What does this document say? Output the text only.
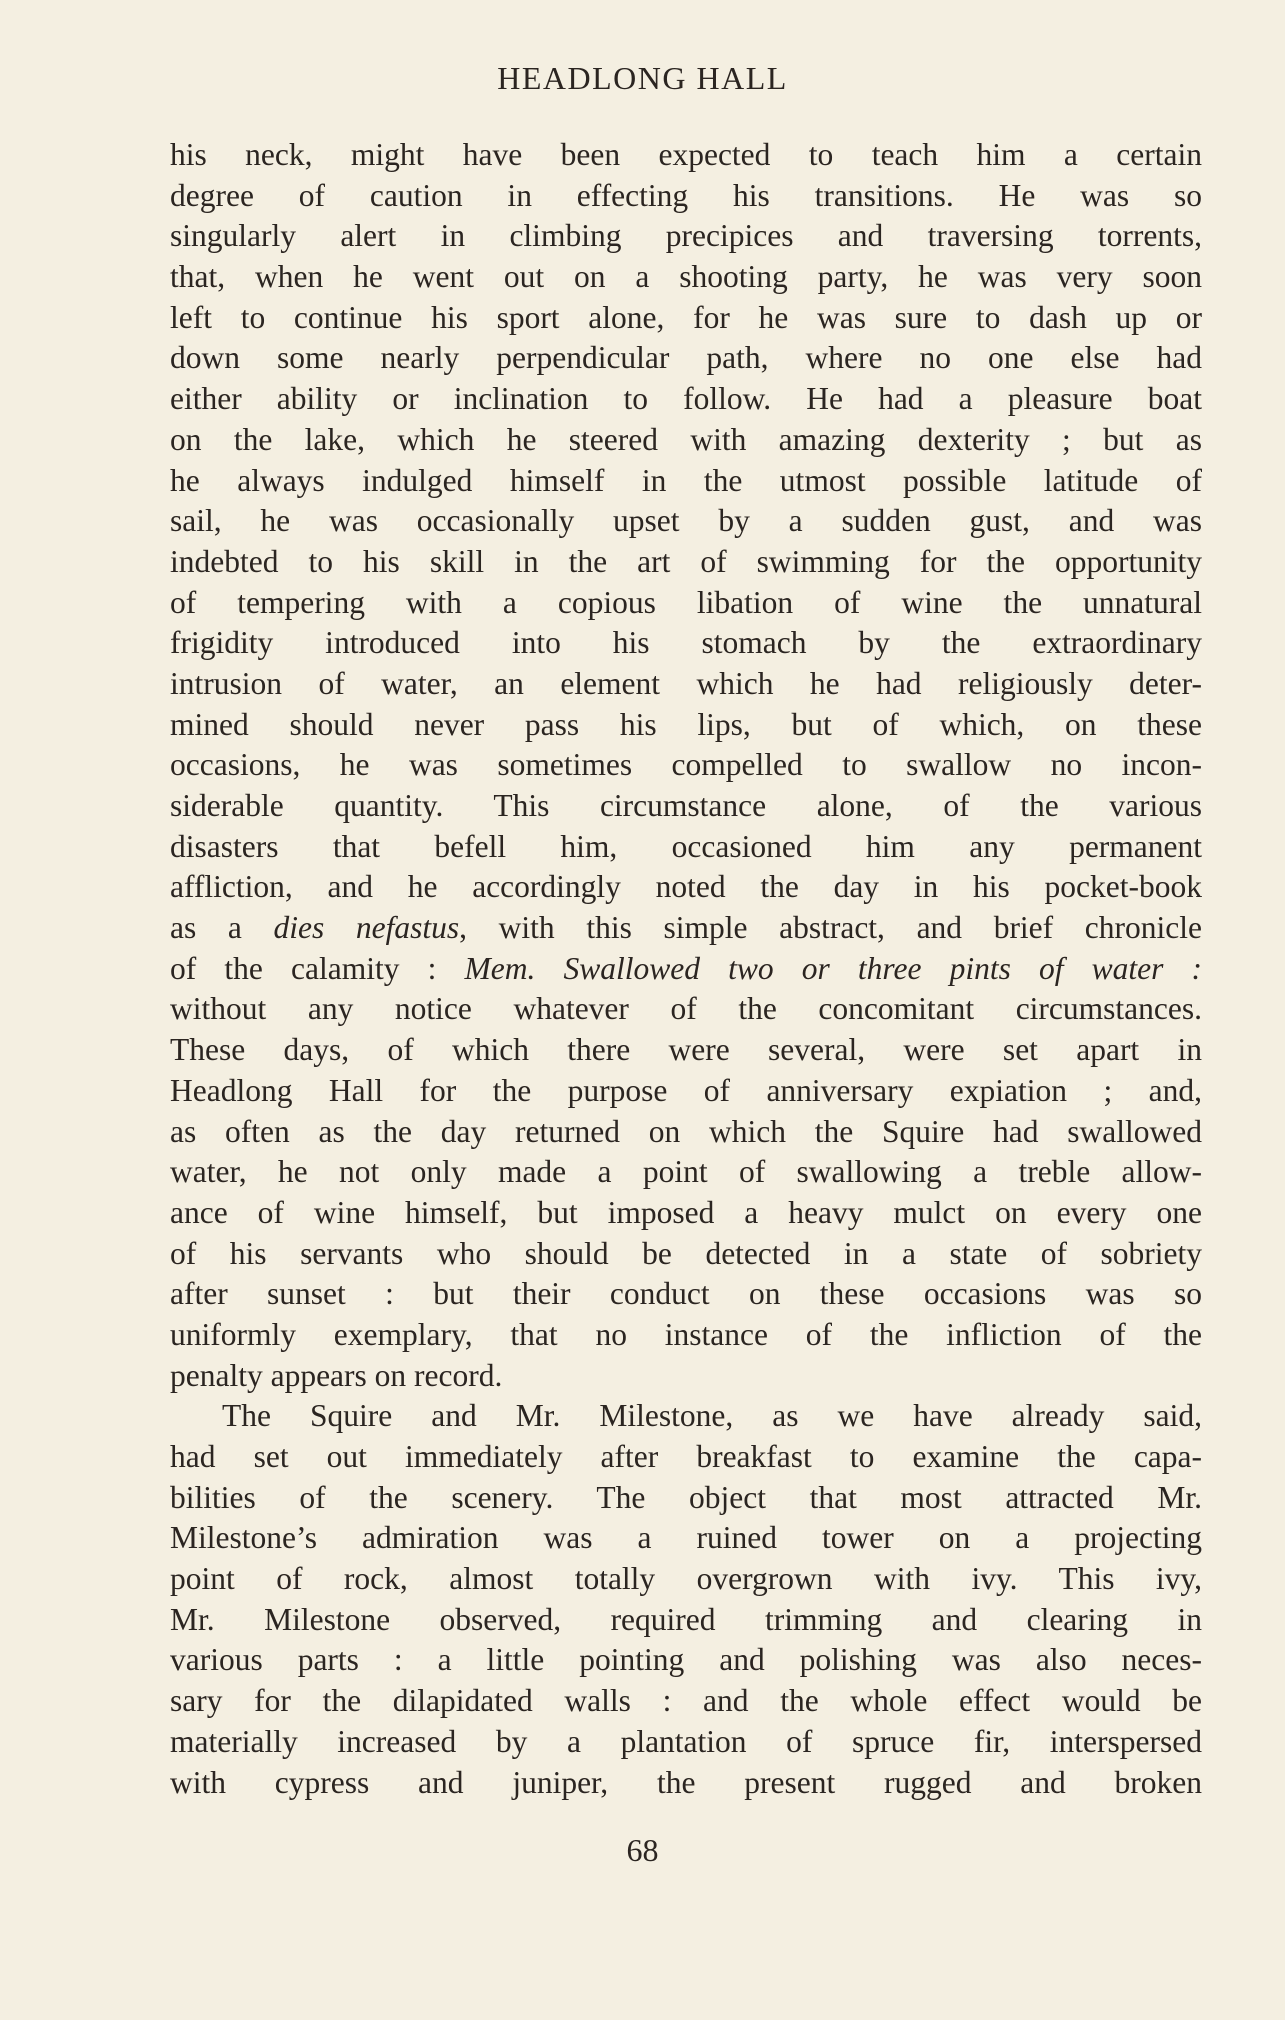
HEADLONG HALL
his neck, might have been expected to teach him a certain
degree of caution in effecting his transitions. He was so
singularly alert in climbing precipices and traversing torrents,
that, when he went out on a shooting party, he was very soon
left to continue his sport alone, for he was sure to dash up or
down some nearly perpendicular path, where no one else had
either ability or inclination to follow. He had a pleasure boat
on the lake, which he steered with amazing dexterity ; but as
he always indulged himself in the utmost possible latitude of
sail, he was occasionally upset by a sudden gust, and was
indebted to his skill in the art of swimming for the opportunity
of tempering with a copious libation of wine the unnatural
frigidity introduced into his stomach by the extraordinary
intrusion of water, an element which he had religiously deter-
mined should never pass his lips, but of which, on these
occasions, he was sometimes compelled to swallow no incon-
siderable quantity. This circumstance alone, of the various
disasters that befell him, occasioned him any permanent
affliction, and he accordingly noted the day in his pocket-book
as a dies nefastus, with this simple abstract, and brief chronicle
of the calamity : Mem. Swallowed two or three pints of water :
without any notice whatever of the concomitant circumstances.
These days, of which there were several, were set apart in
Headlong Hall for the purpose of anniversary expiation ; and,
as often as the day returned on which the Squire had swallowed
water, he not only made a point of swallowing a treble allow-
ance of wine himself, but imposed a heavy mulct on every one
of his servants who should be detected in a state of sobriety
after sunset : but their conduct on these occasions was so
uniformly exemplary, that no instance of the infliction of the
penalty appears on record.
The Squire and Mr. Milestone, as we have already said,
had set out immediately after breakfast to examine the capa-
bilities of the scenery. The object that most attracted Mr.
Milestone’s admiration was a ruined tower on a projecting
point of rock, almost totally overgrown with ivy. This ivy,
Mr. Milestone observed, required trimming and clearing in
various parts : a little pointing and polishing was also neces-
sary for the dilapidated walls : and the whole effect would be
materially increased by a plantation of spruce fir, interspersed
with cypress and juniper, the present rugged and broken
68
